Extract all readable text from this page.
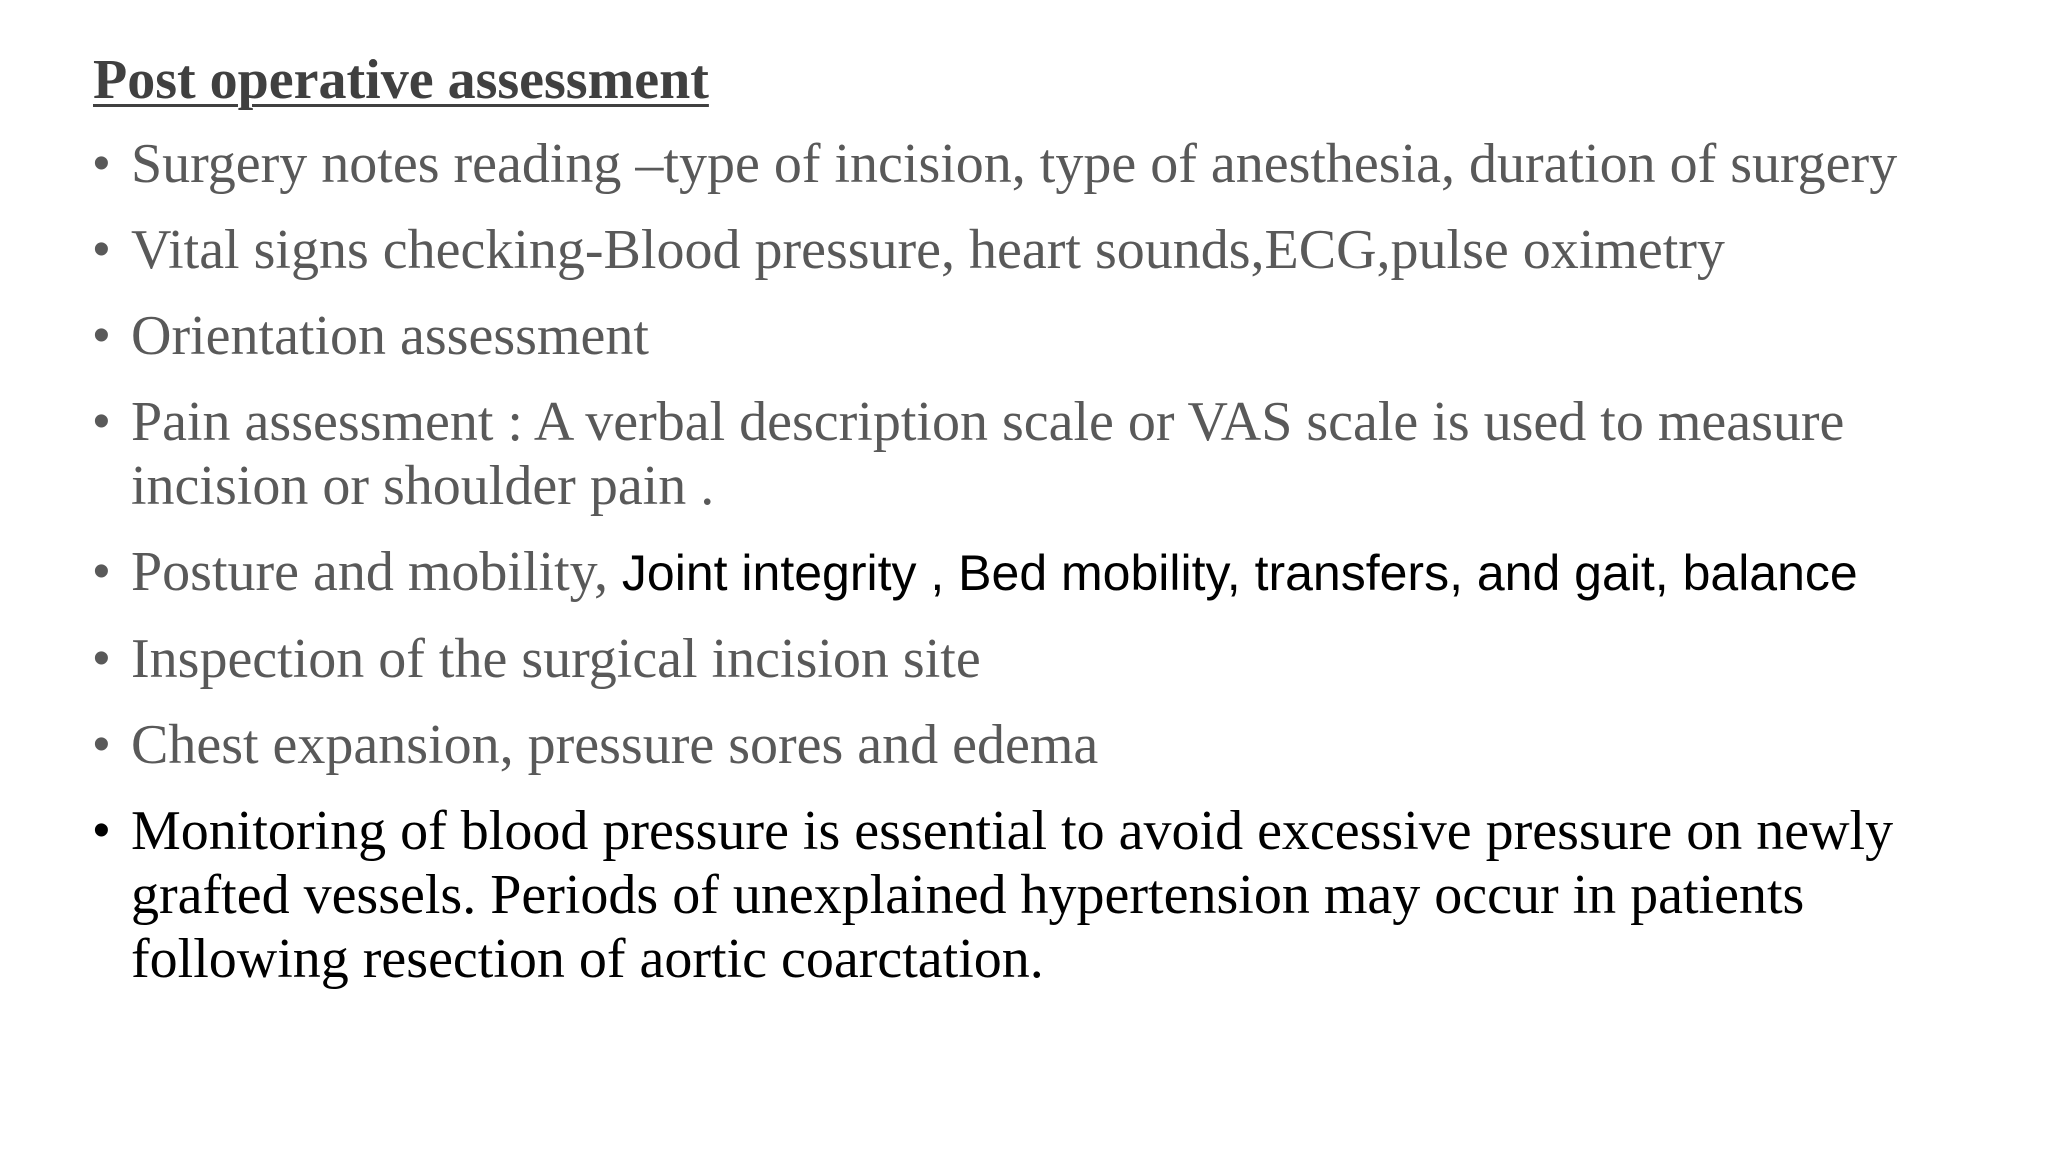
Post operative assessment
• Surgery notes reading –type of incision, type of anesthesia, duration of surgery
• Vital signs checking-Blood pressure, heart sounds,ECG,pulse oximetry
• Orientation assessment
• Pain assessment : A verbal description scale or VAS scale is used to measure incision or shoulder pain .
• Posture and mobility, Joint integrity , Bed mobility, transfers, and gait, balance
• Inspection of the surgical incision site
• Chest expansion, pressure sores and edema
• Monitoring of blood pressure is essential to avoid excessive pressure on newly grafted vessels. Periods of unexplained hypertension may occur in patients following resection of aortic coarctation.
